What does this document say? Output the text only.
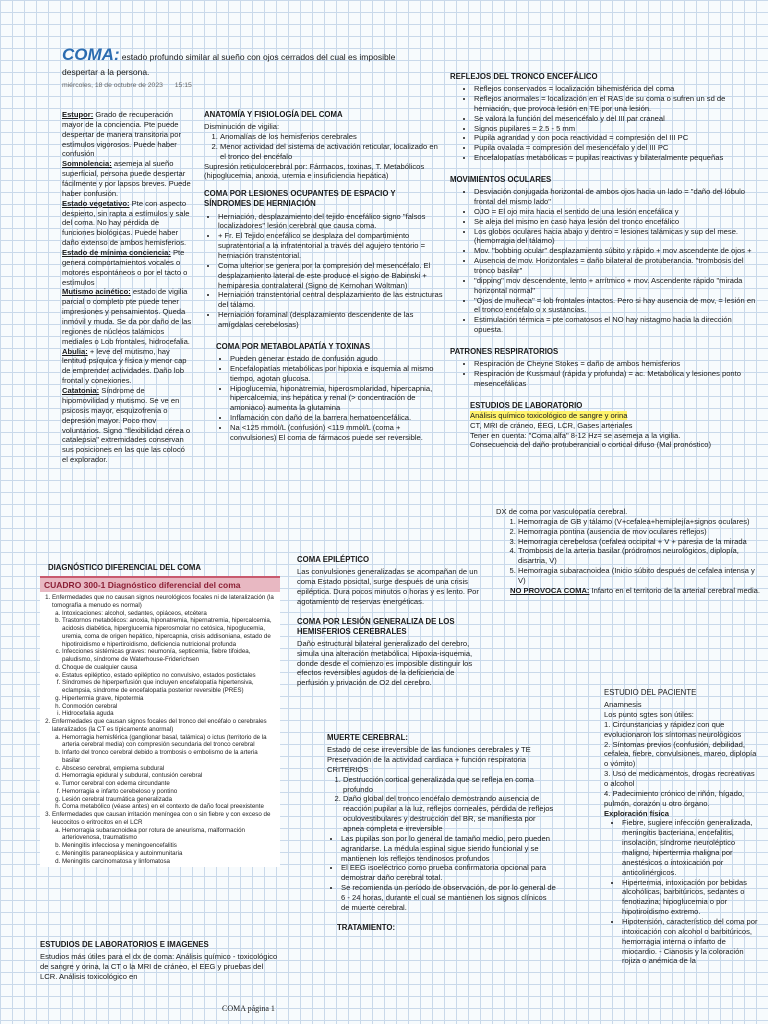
COMA: estado profundo similar al sueño con ojos cerrados del cual es imposible despertar a la persona.
miércoles, 18 de octubre de 2023 15:15
Estupor: Grado de recuperación mayor de la conciencia. Pte puede despertar de manera transitoria por estímulos vigorosos. Puede haber confusión
Somnolencia: asemeja al sueño superficial, persona puede despertar fácilmente y por lapsos breves. Puede haber confusión.
Estado vegetativo: Pte con aspecto despierto, sin rapta a estímulos y sale del coma. No hay pérdida de funciones biológicas. Puede haber daño extenso de ambos hemisferios.
Estado de mínima conciencia: Pte genera comportamientos vocales o motores espontáneos o por el tacto o estímulos
Mutismo acinético: estado de vigilia parcial o completo pte puede tener impresiones y pensamientos. Queda inmóvil y muda. Se da por daño de las regiones de núcleos talámicos mediales o Lob frontales, hidrocefalia.
Abulia: + leve del mutismo, hay lentitud psíquica y física y menor cap de emprender actividades. Daño lob frontal y conexiones.
Catatonia: Síndrome de hipomovilidad y mutismo. Se ve en psicosis mayor, esquizofrenia o depresión mayor. Poco mov voluntarios. Signo "flexibilidad cérea o catalepsia" extremidades conservan sus posiciones en las que las colocó el explorador.
ANATOMÍA Y FISIOLOGÍA DEL COMA
Disminución de vigilia:
1. Anomalías de los hemisferios cerebrales
2. Menor actividad del sistema de activación reticular, localizado en el tronco del encéfalo
Supresión reticulocerebral por: Fármacos, toxinas, T. Metabólicos (hipoglucemia, anoxia, uremia e insuficiencia hepática)
COMA POR LESIONES OCUPANTES DE ESPACIO Y SÍNDROMES DE HERNIACIÓN
• Herniación, desplazamiento del tejido encefálico signo "falsos localizadores" lesión cerebral que causa coma.
• + Fr. El Tejido encefálico se desplaza del compartimiento supratentorial a la infratentorial a través del agujero tentorio = herniación transtentorial.
• Coma ulterior se genera por la compresión del mesencéfalo. El desplazamiento lateral de este produce el signo de Babinski + hemiparesia contralateral (Signo de Kernohan Woltman)
• Herniación transtentorial central desplazamiento de las estructuras del tálamo.
• Herniación foraminal (desplazamiento descendente de las amígdalas cerebelosas)
COMA POR METABOLAPATÍA Y TOXINAS
• Pueden generar estado de confusión agudo
• Encefalopatías metabólicas por hipoxia e isquemia al mismo tiempo, agotan glucosa.
• Hipoglucemia, hiponatremia, hiperosmolaridad, hipercapnia, hipercalcemia, ins hepática y renal (> concentración de amoniaco) aumenta la glutamina
• Inflamación con daño de la barrera hematoencefálica.
• Na <125 mmol/L (confusión) <119 mmol/L (coma + convulsiones) El coma de fármacos puede ser reversible.
REFLEJOS DEL TRONCO ENCEFÁLICO
• Reflejos conservados = localización bihemisférica del coma
• Reflejos anormales = localización en el RAS de su coma o sufren un sd de herniación, que provoca lesión en TE por una lesión.
• Se valora la función del mesencéfalo y del III par craneal
• Signos pupilares = 2.5 - 5 mm
• Pupila agrandad y con poca reactividad = compresión del III PC
• Pupila ovalada = compresión del mesencéfalo y del III PC
• Encefalopatías metabólicas = pupilas reactivas y bilateralmente pequeñas
MOVIMIENTOS OCULARES
• Desviación conjugada horizontal de ambos ojos hacia un lado = "daño del lóbulo frontal del mismo lado"
• OJO = El ojo mira hacia el sentido de una lesión encefálica y
• Se aleja del mismo en caso haya lesión del tronco encefálico
• Los globos oculares hacia abajo y dentro = lesiones talámicas y sup del mese. (hemorragia del tálamo)
• Mov. "bobbing ocular" desplazamiento súbito y rápido + mov ascendente de ojos +
• Ausencia de mov. Horizontales = daño bilateral de protuberancia. "trombosis del tronco basilar"
• "dipping" mov descendente, lento + arrítmico + mov. Ascendente rápido "mirada horizontal normal"
• "Ojos de muñeca" = lob frontales intactos. Pero si hay ausencia de mov, = lesión en el tronco encéfalo o x sustancias.
• Estimulación térmica = pte comatosos el NO hay nistagmo hacia la dirección opuesta.
PATRONES RESPIRATORIOS
• Respiración de Cheyne Stokes = daño de ambos hemisferios
• Respiración de Kussmaul (rápida y profunda) = ac. Metabólica y lesiones ponto mesencefálicas
ESTUDIOS DE LABORATORIO
Análisis químico toxicológico de sangre y orina
CT, MRI de cráneo, EEG, LCR, Gases arteriales
Tener en cuenta: "Coma alfa" 8-12 Hz= se asemeja a la vigilia.
Consecuencia del daño protuberancial o cortical difuso (Mal pronóstico)
DX de coma por vasculopatía cerebral.
1. Hemorragia de GB y tálamo (V+cefalea+hemiplejía+signos oculares)
2. Hemorragia pontina (ausencia de mov oculares reflejos)
3. Hemorragia cerebelosa (cefalea occipital + V + paresia de la mirada
4. Trombosis de la arteria basilar (pródromos neurológicos, diplopía, disartria, V)
5. Hemorragia subaracnoidea (Inicio súbito después de cefalea intensa y V)
NO PROVOCA COMA: Infarto en el territorio de la arterial cerebral media.
DIAGNÓSTICO DIFERENCIAL DEL COMA
CUADRO 300-1 Diagnóstico diferencial del coma
1. Enfermedades que no causan signos neurológicos focales ni de lateralización (la tomografía a menudo es normal)
a. Intoxicaciones: alcohol, sedantes, opiáceos, etcétera
b. Trastornos metabólicos: anoxia, hiponatremia, hipernatremia, hipercalcemia, acidosis diabética, hiperglucemia hiperosmolar no cetósica, hipoglucemia, uremia, coma de origen hepático, hipercapnia, crisis addisoniana, estado de hipotiroidismo e hipertiroidismo, deficiencia nutricional profunda
c. Infecciones sistémicas graves: neumonía, septicemia, fiebre tifoidea, paludismo, síndrome de Waterhouse-Friderichsen
d. Choque de cualquier causa
e. Estatus epiléptico, estado epiléptico no convulsivo, estados postictales
f. Síndromes de hiperperfusión que incluyen encefalopatía hipertensiva, eclampsia, síndrome de encefalopatía posterior reversible (PRES)
g. Hipertermia grave, hipotermia
h. Conmoción cerebral
i. Hidrocefalia aguda
2. Enfermedades que causan signos focales del tronco del encéfalo o cerebrales lateralizados (la CT es típicamente anormal)
a. Hemorragia hemisférica (ganglionar basal, talámica) o ictus (territorio de la arteria cerebral media) con compresión secundaria del tronco cerebral
b. Infarto del tronco cerebral debido a trombosis o embolismo de la arteria basilar
c. Absceso cerebral, empiema subdural
d. Hemorragia epidural y subdural, contusión cerebral
e. Tumor cerebral con edema circundante
f. Hemorragia e infarto cerebeloso y pontino
g. Lesión cerebral traumática generalizada
h. Coma metabólico (véase antes) en el contexto de daño focal preexistente
3. Enfermedades que causan irritación meníngea con o sin fiebre y con exceso de leucocitos o eritrocitos en el LCR
a. Hemorragia subaracnoidea por rotura de aneurisma, malformación arteriovenosa, traumatismo
b. Meningitis infecciosa y meningoencefalitis
c. Meningitis paraneoplásica y autoinmunitaria
d. Meningitis carcinomatosa y linfomatosa
ESTUDIOS DE LABORATORIOS E IMAGENES
Estudios más útiles para el dx de coma: Análisis químico - toxicológico de sangre y orina, la CT o la MRI de cráneo, el EEG y pruebas del LCR. Análisis toxicológico en
COMA EPILÉPTICO
Las convulsiones generalizadas se acompañan de un coma Estado posictal, surge después de una crisis epiléptica. Dura pocos minutos o horas y es lento. Por agotamiento de reservas energéticas.
COMA POR LESIÓN GENERALIZA DE LOS HEMISFERIOS CEREBRALES
Daño estructural bilateral generalizado del cerebro, simula una alteración metabólica. Hipoxia-isquemia, donde desde el comienzo es imposible distinguir los efectos reversibles agudos de la deficiencia de perfusión y privación de O2 del cerebro.
MUERTE CEREBRAL:
Estado de cese irreversible de las funciones cerebrales y TE Preservación de la actividad cardiaca + función respiratoria CRITERIOS
1. Destrucción cortical generalizada que se refleja en coma profundo
2. Daño global del tronco encéfalo demostrando ausencia de reacción pupilar a la luz, reflejos corneales, pérdida de reflejos oculovestibulares y destrucción del BR, se manifiesta por apnea completa e irreversible
• Las pupilas son por lo general de tamaño medio, pero pueden agrandarse. La médula espinal sigue siendo funcional y se mantienen los reflejos tendinosos profundos
• El EEG isoeléctrico como prueba confirmatoria opcional para demostrar daño cerebral total.
• Se recomienda un período de observación, de por lo general de 6 - 24 horas, durante el cual se mantienen los signos clínicos de muerte cerebral.
TRATAMIENTO:
ESTUDIO DEL PACIENTE
Anamnesis
Los punto sgtes son útiles:
1. Circunstancias y rápidez con que evolucionaron los síntomas neurológicos
2. Síntomas previos (confusión, debilidad, cefalea, fiebre, convulsiones, mareo, diplopía o vómito)
3. Uso de medicamentos, drogas recreativas o alcohol
4. Padecimiento crónico de riñón, hígado, pulmón, corazón u otro órgano.
Exploración física
• Fiebre, sugiere infección generalizada, meningitis bacteriana, encefalitis, insolación, síndrome neuroléptico maligno, hipertermia maligna por anestésicos o intoxicación por anticolinérgicos.
• Hipertermia, intoxicación por bebidas alcohólicas, barbitúricos, sedantes o fenotiazina; hipoglucemia o por hipotiroidismo extremo.
• Hipotensión, característico del coma por intoxicación con alcohol o barbitúricos, hemorragia interna o infarto de miocardio. - Cianosis y la coloración rojiza o anémica de la
COMA página 1
